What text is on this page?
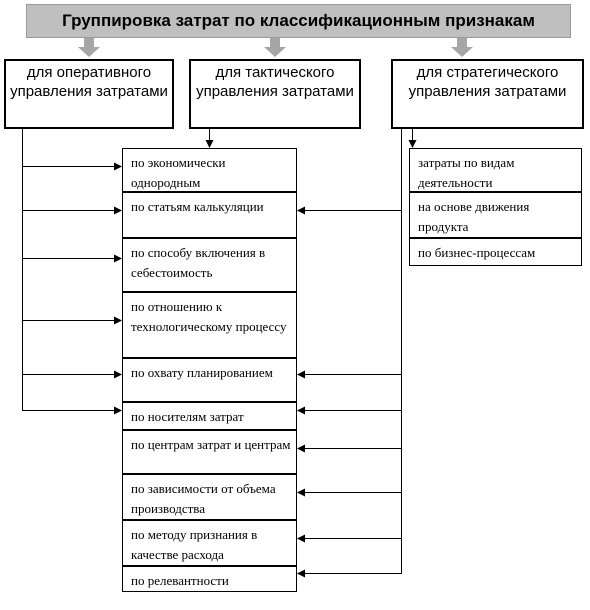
Группировка затрат по классификационным признакам
для оперативного управления затратами
для тактического управления затратами
для стратегического управления затратами
по экономически однородным
по статьям калькуляции
по способу включения в себестоимость
по отношению к технологическому процессу
по охвату планированием
по носителям затрат
по центрам затрат и центрам
по зависимости от объема производства
по методу признания в качестве расхода
по релевантности
затраты по видам деятельности
на основе движения продукта
по бизнес-процессам
